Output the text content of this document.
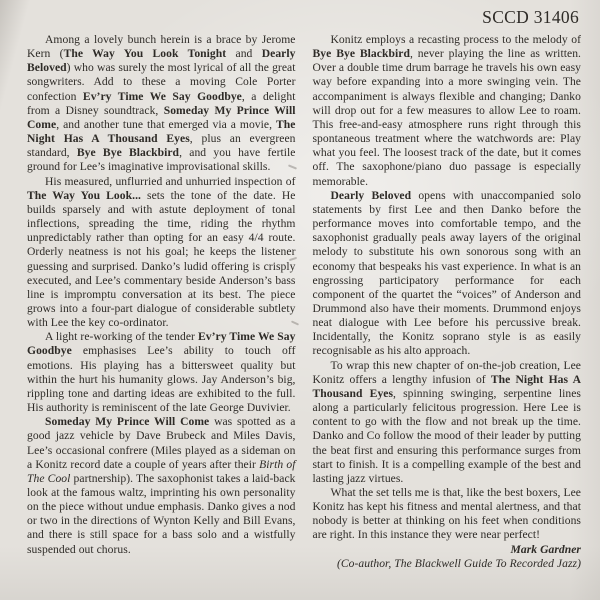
SCCD 31406

Among a lovely bunch herein is a brace by Jerome Kern (The Way You Look Tonight and Dearly Beloved) who was surely the most lyrical of all the great songwriters. Add to these a moving Cole Porter confection Ev’ry Time We Say Goodbye, a delight from a Disney soundtrack, Someday My Prince Will Come, and another tune that emerged via a movie, The Night Has A Thousand Eyes, plus an evergreen standard, Bye Bye Blackbird, and you have fertile ground for Lee’s imaginative improvisational skills.

His measured, unflurried and unhurried inspection of The Way You Look... sets the tone of the date. He builds sparsely and with astute deployment of tonal inflections, spreading the time, riding the rhythm unpredictably rather than opting for an easy 4/4 route. Orderly neatness is not his goal; he keeps the listener guessing and surprised. Danko’s ludid offering is crisply executed, and Lee’s commentary beside Anderson’s bass line is impromptu conversation at its best. The piece grows into a four-part dialogue of considerable subtlety with Lee the key co-ordinator.

A light re-working of the tender Ev’ry Time We Say Goodbye emphasises Lee’s ability to touch off emotions. His playing has a bittersweet quality but within the hurt his humanity glows. Jay Anderson’s big, rippling tone and darting ideas are exhibited to the full. His authority is reminiscent of the late George Duvivier.

Someday My Prince Will Come was spotted as a good jazz vehicle by Dave Brubeck and Miles Davis, Lee’s occasional confrere (Miles played as a sideman on a Konitz record date a couple of years after their Birth of The Cool partnership). The saxophonist takes a laid-back look at the famous waltz, imprinting his own personality on the piece without undue emphasis. Danko gives a nod or two in the directions of Wynton Kelly and Bill Evans, and there is still space for a bass solo and a wistfully suspended out chorus.

Konitz employs a recasting process to the melody of Bye Bye Blackbird, never playing the line as written. Over a double time drum barrage he travels his own easy way before expanding into a more swinging vein. The accompaniment is always flexible and changing; Danko will drop out for a few measures to allow Lee to roam. This free-and-easy atmosphere runs right through this spontaneous treatment where the watchwords are: Play what you feel. The loosest track of the date, but it comes off. The saxophone/piano duo passage is especially memorable.

Dearly Beloved opens with unaccompanied solo statements by first Lee and then Danko before the performance moves into comfortable tempo, and the saxophonist gradually peals away layers of the original melody to substitute his own sonorous song with an economy that bespeaks his vast experience. In what is an engrossing participatory performance for each component of the quartet the “voices” of Anderson and Drummond also have their moments. Drummond enjoys neat dialogue with Lee before his percussive break. Incidentally, the Konitz soprano style is as easily recognisable as his alto approach.

To wrap this new chapter of on-the-job creation, Lee Konitz offers a lengthy infusion of The Night Has A Thousand Eyes, spinning swinging, serpentine lines along a particularly felicitous progression. Here Lee is content to go with the flow and not break up the time. Danko and Co follow the mood of their leader by putting the beat first and ensuring this performance surges from start to finish. It is a compelling example of the best and lasting jazz virtues.

What the set tells me is that, like the best boxers, Lee Konitz has kept his fitness and mental alertness, and that nobody is better at thinking on his feet when conditions are right. In this instance they were near perfect!

Mark Gardner

(Co-author, The Blackwell Guide To Recorded Jazz)
